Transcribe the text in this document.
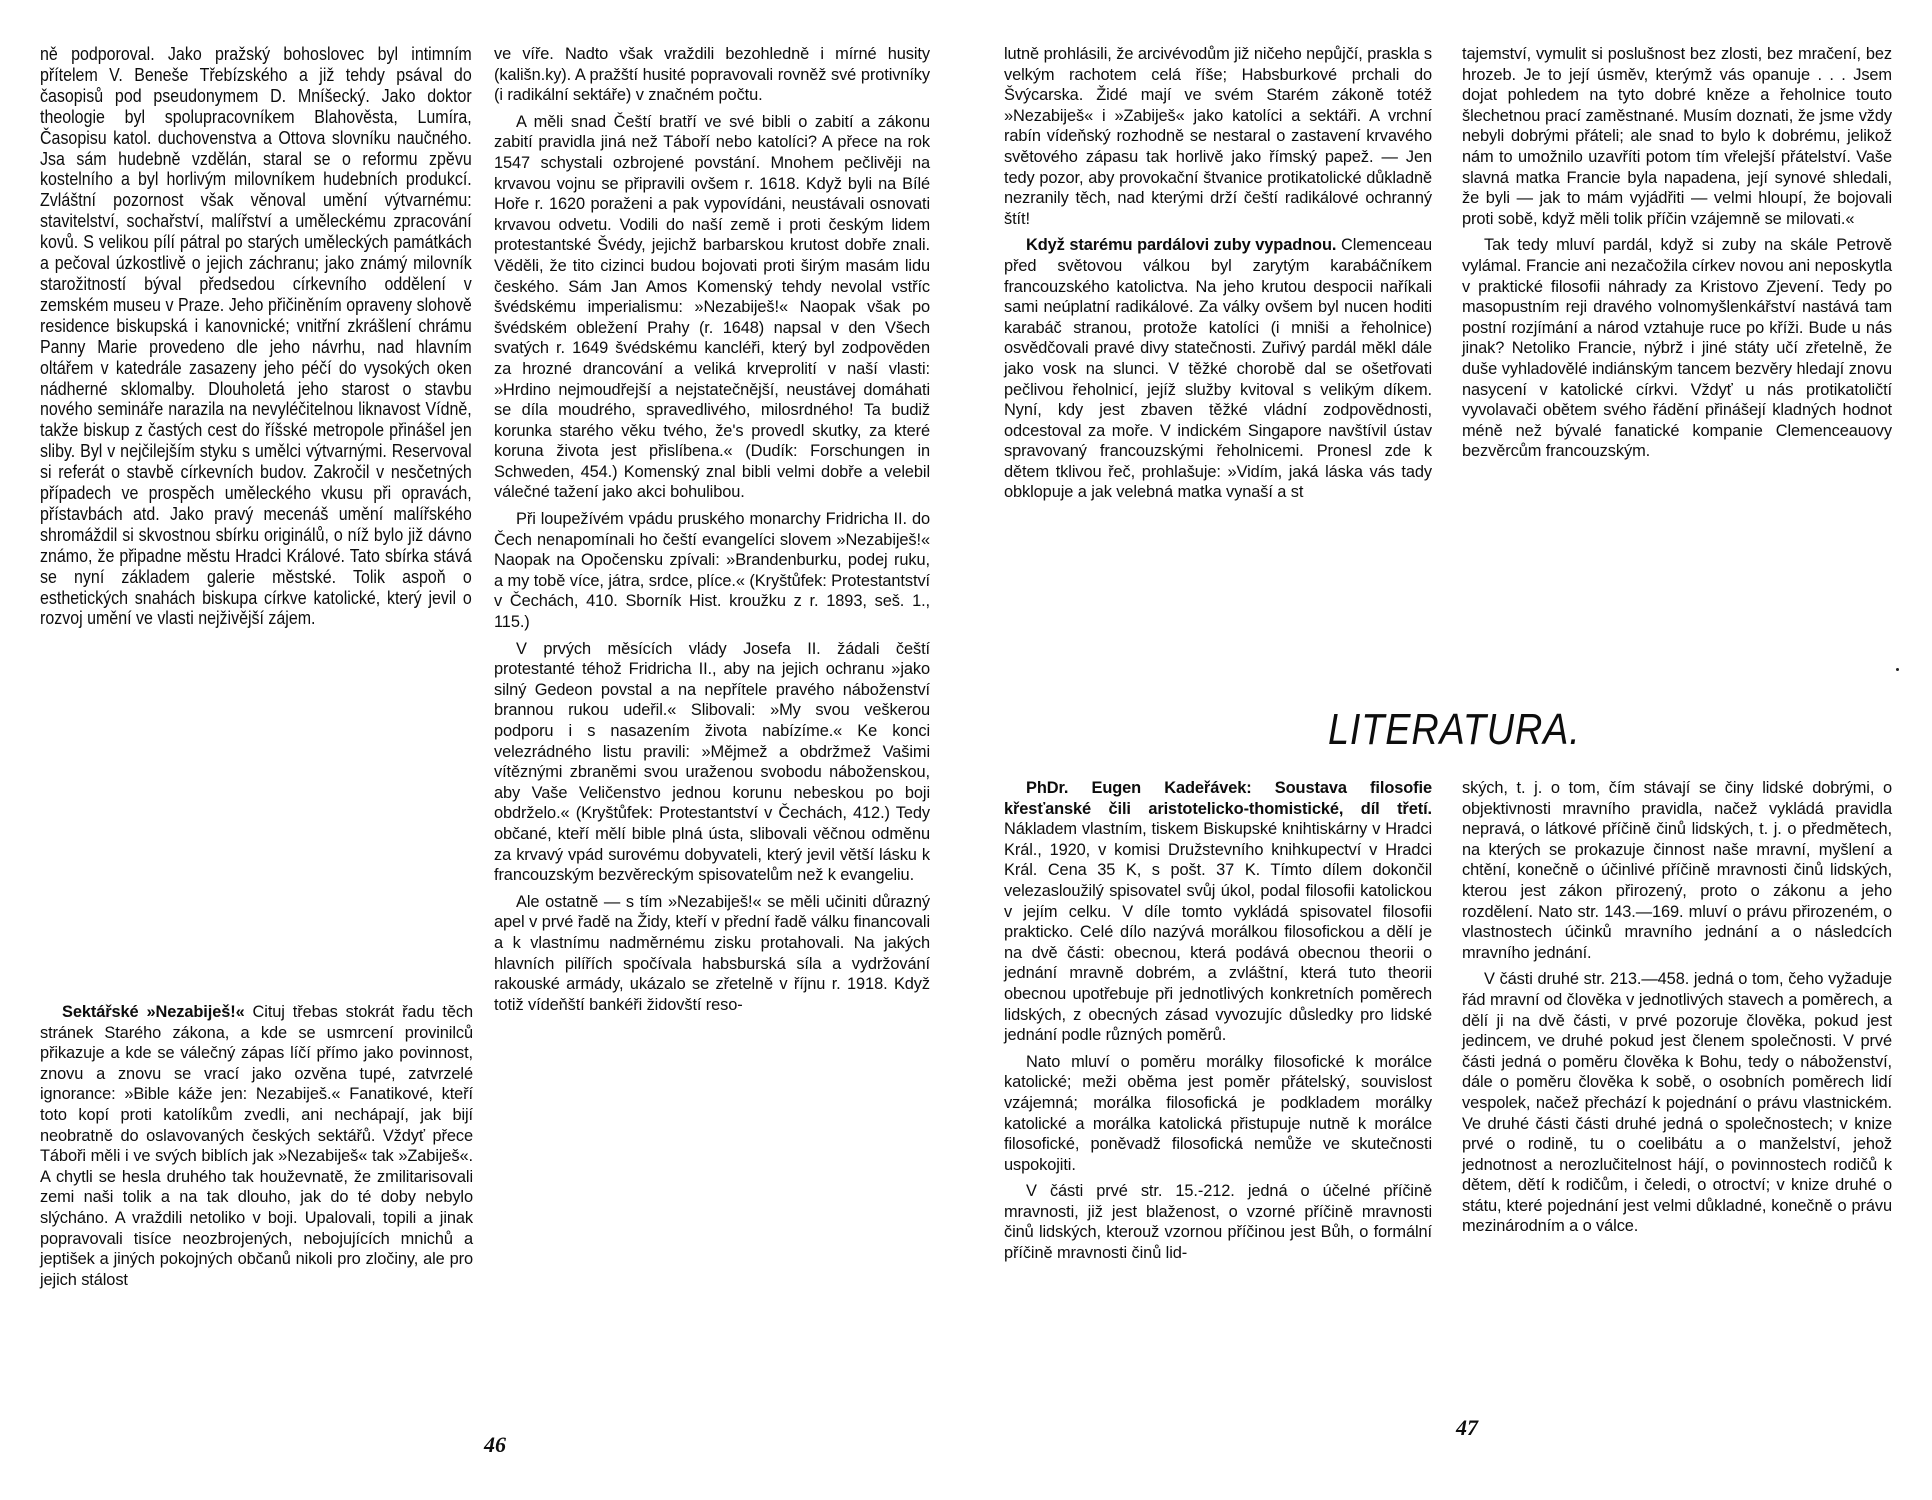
ně podporoval. Jako pražský bohoslovec byl intimním přítelem V. Beneše Třebízského a již tehdy psával do časopisů pod pseudonymem D. Mníšecký. Jako doktor theologie byl spolupracovníkem Blahověsta, Lumíra, Časopisu katol. duchovenstva a Ottova slovníku naučného. Jsa sám hudebně vzdělán, staral se o reformu zpěvu kostelního a byl horlivým milovníkem hudebních produkcí. Zvláštní pozornost však věnoval umění výtvarnému: stavitelství, sochařství, malířství a uměleckému zpracování kovů. S velikou pílí pátral po starých uměleckých památkách a pečoval úzkostlivě o jejich záchranu; jako známý milovník starožitností býval předsedou církevního oddělení v zemském museu v Praze. Jeho přičiněním opraveny slohově residence biskupská i kanovnické; vnitřní zkrášlení chrámu Panny Marie provedeno dle jeho návrhu, nad hlavním oltářem v katedrále zasazeny jeho péčí do vysokých oken nádherné sklomalby. Dlouholetá jeho starost o stavbu nového semináře narazila na nevyléčitelnou liknavost Vídně, takže biskup z častých cest do říšské metropole přinášel jen sliby. Byl v nejčilejším styku s umělci výtvarnými. Reservoval si referát o stavbě církevních budov. Zakročil v nesčetných případech ve prospěch uměleckého vkusu při opravách, přístavbách atd. Jako pravý mecenáš umění malířského shromáždil si skvostnou sbírku originálů, o níž bylo již dávno známo, že připadne městu Hradci Králové. Tato sbírka stává se nyní základem galerie městské. Tolik aspoň o esthetických snahách biskupa církve katolické, který jevil o rozvoj umění ve vlasti nejživější zájem.

Sektářské »Nezabiješ!« Cituj třebas stokrát řadu těch stránek Starého zákona, a kde se usmrcení provinilců přikazuje a kde se válečný zápas líčí přímo jako povinnost, znovu a znovu se vrací jako ozvěna tupé, zatvrzelé ignorance: »Bible káže jen: Nezabiješ.« Fanatikové, kteří toto kopí proti katolíkům zvedli, ani nechápají, jak bijí neobratně do oslavovaných českých sektářů. Vždyť přece Táboři měli i ve svých biblích jak »Nezabiješ« tak »Zabiješ«. A chytli se hesla druhého tak houževnatě, že zmilitarisovali zemi naši tolik a na tak dlouho, jak do té doby nebylo slýcháno. A vraždili netoliko v boji. Upalovali, topili a jinak popravovali tisíce neozbrojených, nebojujících mnichů a jeptišek a jiných pokojných občanů nikoli pro zločiny, ale pro jejich stálost

ve víře. Nadto však vraždili bezohledně i mírné husity (kališn.ky). A pražští husité popravovali rovněž své protivníky (i radikální sektáře) v značném počtu.

A měli snad Čeští bratří ve své bibli o zabití a zákonu zabití pravidla jiná než Táboří nebo katolíci? A přece na rok 1547 schystali ozbrojené povstání. Mnohem pečlivěji na krvavou vojnu se připravili ovšem r. 1618. Když byli na Bílé Hoře r. 1620 poraženi a pak vypovídáni, neustávali osnovati krvavou odvetu. Vodili do naší země i proti českým lidem protestantské Švédy, jejichž barbarskou krutost dobře znali. Věděli, že tito cizinci budou bojovati proti širým masám lidu českého. Sám Jan Amos Komenský tehdy nevolal vstříc švédskému imperialismu: »Nezabiješ!« Naopak však po švédském obležení Prahy (r. 1648) napsal v den Všech svatých r. 1649 švédskému kancléři, který byl zodpověden za hrozné drancování a veliká krveprolití v naší vlasti: »Hrdino nejmoudřejší a nejstatečnější, neustávej domáhati se díla moudrého, spravedlivého, milosrdného! Ta budiž korunka starého věku tvého, že's provedl skutky, za které koruna života jest přislíbena.« (Dudík: Forschungen in Schweden, 454.) Komenský znal bibli velmi dobře a velebil válečné tažení jako akci bohulibou.

Při loupežívém vpádu pruského monarchy Fridricha II. do Čech nenapomínali ho čeští evangelíci slovem »Nezabiješ!« Naopak na Opočensku zpívali: »Brandenburku, podej ruku, a my tobě více, játra, srdce, plíce.« (Kryštůfek: Protestantství v Čechách, 410. Sborník Hist. kroužku z r. 1893, seš. 1., 115.)

V prvých měsících vlády Josefa II. žádali čeští protestanté téhož Fridricha II., aby na jejich ochranu »jako silný Gedeon povstal a na nepřítele pravého náboženství brannou rukou udeřil.« Slibovali: »My svou veškerou podporu i s nasazením života nabízíme.« Ke konci velezrádného listu pravili: »Mějmež a obdržmež Vašimi vítěznými zbraněmi svou uraženou svobodu náboženskou, aby Vaše Veličenstvo jednou korunu nebeskou po boji obdrželo.« (Kryštůfek: Protestantství v Čechách, 412.) Tedy občané, kteří mělí bible plná ústa, slibovali věčnou odměnu za krvavý vpád surovému dobyvateli, který jevil větší lásku k francouzským bezvěreckým spisovatelům než k evangeliu.

Ale ostatně — s tím »Nezabiješ!« se měli učiniti důrazný apel v prvé řadě na Židy, kteří v přední řadě válku financovali a k vlastnímu nadměrnému zisku protahovali. Na jakých hlavních pilířích spočívala habsburská síla a vydržování rakouské armády, ukázalo se zřetelně v říjnu r. 1918. Když totiž vídeňští bankéři židovští reso-

46

lutně prohlásili, že arcivévodům již ničeho nepůjčí, praskla s velkým rachotem celá říše; Habsburkové prchali do Švýcarska. Židé mají ve svém Starém zákoně totéž »Nezabiješ« i »Zabiješ« jako katolíci a sektáři. A vrchní rabín vídeňský rozhodně se nestaral o zastavení krvavého světového zápasu tak horlivě jako římský papež. — Jen tedy pozor, aby provokační štvanice protikatolické důkladně nezranily těch, nad kterými drží čeští radikálové ochranný štít!

Když starému pardálovi zuby vypadnou. Clemenceau před světovou válkou byl zarytým karabáčníkem francouzského katolictva. Na jeho krutou despocii naříkali sami neúplatní radikálové. Za války ovšem byl nucen hoditi karabáč stranou, protože katolíci (i mniši a řeholnice) osvědčovali pravé divy statečnosti. Zuřivý pardál měkl dále jako vosk na slunci. V těžké chorobě dal se ošetřovati pečlivou řeholnicí, jejíž služby kvitoval s velikým díkem. Nyní, kdy jest zbaven těžké vládní zodpovědnosti, odcestoval za moře. V indickém Singapore navštívil ústav spravovaný francouzskými řeholnicemi. Pronesl zde k dětem tklivou řeč, prohlašuje: »Vidím, jaká láska vás tady obklopuje a jak velebná matka vynaší a st

tajemství, vymulit si poslušnost bez zlosti, bez mračení, bez hrozeb. Je to její úsměv, kterýmž vás opanuje . . . Jsem dojat pohledem na tyto dobré kněze a řeholnice touto šlechetnou prací zaměstnané. Musím doznati, že jsme vždy nebyli dobrými přáteli; ale snad to bylo k dobrému, jelikož nám to umožnilo uzavříti potom tím vřelejší přátelství. Vaše slavná matka Francie byla napadena, její synové shledali, že byli — jak to mám vyjádřiti — velmi hloupí, že bojovali proti sobě, když měli tolik příčin vzájemně se milovati.«

Tak tedy mluví pardál, když si zuby na skále Petrově vylámal. Francie ani nezačožila církev novou ani neposkytla v praktické filosofii náhrady za Kristovo Zjevení. Tedy po masopustním reji dravého volnomyšlenkářství nastává tam postní rozjímání a národ vztahuje ruce po kříži. Bude u nás jinak? Netoliko Francie, nýbrž i jiné státy učí zřetelně, že duše vyhladovělé indiánským tancem bezvěry hledají znovu nasycení v katolické církvi. Vždyť u nás protikatoličtí vyvolavači obětem svého řádění přinášejí kladných hodnot méně než bývalé fanatické kompanie Clemenceauovy bezvěrcům francouzským.

LITERATURA.

PhDr. Eugen Kadeřávek: Soustava filosofie křesťanské čili aristotelicko-thomistické, díl třetí. Nákladem vlastním, tiskem Biskupské knihtiskárny v Hradci Král., 1920, v komisi Družstevního knihkupectví v Hradci Král. Cena 35 K, s pošt. 37 K. Tímto dílem dokončil velezasloužilý spisovatel svůj úkol, podal filosofii katolickou v jejím celku. V díle tomto vykládá spisovatel filosofii prakticko. Celé dílo nazývá morálkou filosofickou a dělí je na dvě části: obecnou, která podává obecnou theorii o jednání mravně dobrém, a zvláštní, která tuto theorii obecnou upotřebuje při jednotlivých konkretních poměrech lidských, z obecných zásad vyvozujíc důsledky pro lidské jednání podle různých poměrů.

Nato mluví o poměru morálky filosofické k morálce katolické; meži oběma jest poměr přátelský, souvislost vzájemná; morálka filosofická je podkladem morálky katolické a morálka katolická přistupuje nutně k morálce filosofické, poněvadž filosofická nemůže ve skutečnosti uspokojiti.

V části prvé str. 15.-212. jedná o účelné příčině mravnosti, již jest blaženost, o vzorné příčině mravnosti činů lidských, kterouž vzornou příčinou jest Bůh, o formální příčině mravnosti činů lid-

ských, t. j. o tom, čím stávají se činy lidské dobrými, o objektivnosti mravního pravidla, načež vykládá pravidla nepravá, o látkové příčině činů lidských, t. j. o předmětech, na kterých se prokazuje činnost naše mravní, myšlení a chtění, konečně o účinlivé příčině mravnosti činů lidských, kterou jest zákon přirozený, proto o zákonu a jeho rozdělení. Nato str. 143.—169. mluví o právu přirozeném, o vlastnostech účinků mravního jednání a o následcích mravního jednání.

V části druhé str. 213.—458. jedná o tom, čeho vyžaduje řád mravní od člověka v jednotlivých stavech a poměrech, a dělí ji na dvě části, v prvé pozoruje člověka, pokud jest jedincem, ve druhé pokud jest členem společnosti. V prvé části jedná o poměru člověka k Bohu, tedy o náboženství, dále o poměru člověka k sobě, o osobních poměrech lidí vespolek, načež přechází k pojednání o právu vlastnickém. Ve druhé části části druhé jedná o společnostech; v knize prvé o rodině, tu o coelibátu a o manželství, jehož jednotnost a nerozlučitelnost hájí, o povinnostech rodičů k dětem, dětí k rodičům, i čeledi, o otroctví; v knize druhé o státu, které pojednání jest velmi důkladné, konečně o právu mezinárodním a o válce.

47
